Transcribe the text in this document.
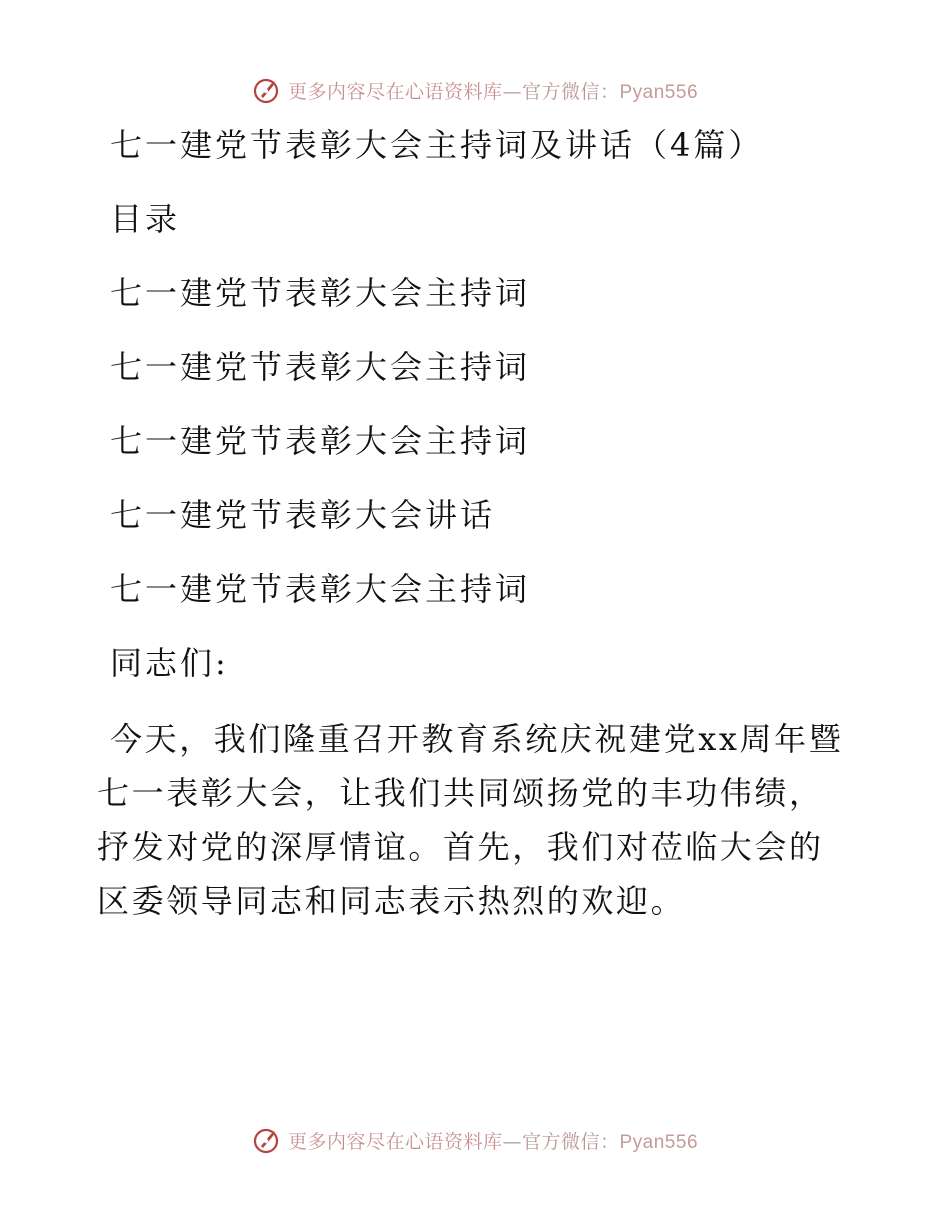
更多内容尽在心语资料库—官方微信：Pyan556
七一建党节表彰大会主持词及讲话（4篇）
目录
七一建党节表彰大会主持词
七一建党节表彰大会主持词
七一建党节表彰大会主持词
七一建党节表彰大会讲话
七一建党节表彰大会主持词
同志们:
今天，我们隆重召开教育系统庆祝建党xx周年暨七一表彰大会，让我们共同颂扬党的丰功伟绩，抒发对党的深厚情谊。首先，我们对莅临大会的区委领导同志和同志表示热烈的欢迎。
更多内容尽在心语资料库—官方微信：Pyan556
